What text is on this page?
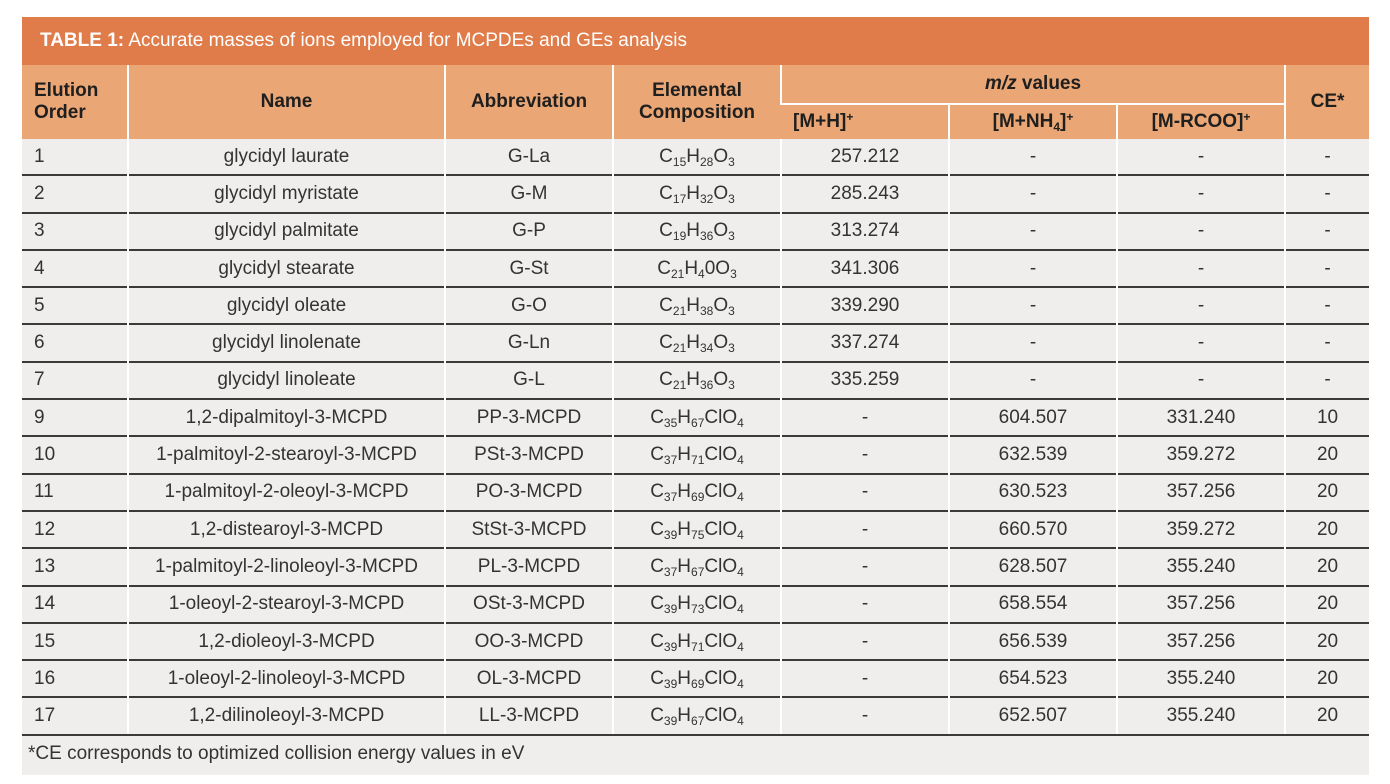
TABLE 1: Accurate masses of ions employed for MCPDEs and GEs analysis
Elution Order	Name	Abbreviation	Elemental Composition	m/z values			CE*
				[M+H]+	$[M+NH_4]^+$	[M-RCOO]+
1	glycidyl laurate	G-La	$C_{15}H_{28}O_3$	257.212	-	-	-
2	glycidyl myristate	G-M	$C_{17}H_{32}O_3$	285.243	-	-	-
3	glycidyl palmitate	G-P	$C_{19}H_{36}O_3$	313.274	-	-	-
4	glycidyl stearate	G-St	$C_{21}H_40O_3$	341.306	-	-	-
5	glycidyl oleate	G-O	$C_{21}H_{38}O_3$	339.290	-	-	-
6	glycidyl linolenate	G-Ln	$C_{21}H_{34}O_3$	337.274	-	-	-
7	glycidyl linoleate	G-L	$C_{21}H_{36}O_3$	335.259	-	-	-
9	1,2-dipalmitoyl-3-MCPD	PP-3-MCPD	$C_{35}H_{67}ClO_4$	-	604.507	331.240	10
10	1-palmitoyl-2-stearoyl-3-MCPD	PSt-3-MCPD	$C_{37}H_{71}ClO_4$	-	632.539	359.272	20
11	1-palmitoyl-2-oleoyl-3-MCPD	PO-3-MCPD	$C_{37}H_{69}ClO_4$	-	630.523	357.256	20
12	1,2-distearoyl-3-MCPD	StSt-3-MCPD	$C_{39}H_{75}ClO_4$	-	660.570	359.272	20
13	1-palmitoyl-2-linoleoyl-3-MCPD	PL-3-MCPD	$C_{37}H_{67}ClO_4$	-	628.507	355.240	20
14	1-oleoyl-2-stearoyl-3-MCPD	OSt-3-MCPD	$C_{39}H_{73}ClO_4$	-	658.554	357.256	20
15	1,2-dioleoyl-3-MCPD	OO-3-MCPD	$C_{39}H_{71}ClO_4$	-	656.539	357.256	20
16	1-oleoyl-2-linoleoyl-3-MCPD	OL-3-MCPD	$C_{39}H_{69}ClO_4$	-	654.523	355.240	20
17	1,2-dilinoleoyl-3-MCPD	LL-3-MCPD	$C_{39}H_{67}ClO_4$	-	652.507	355.240	20
*CE corresponds to optimized collision energy values in eV
